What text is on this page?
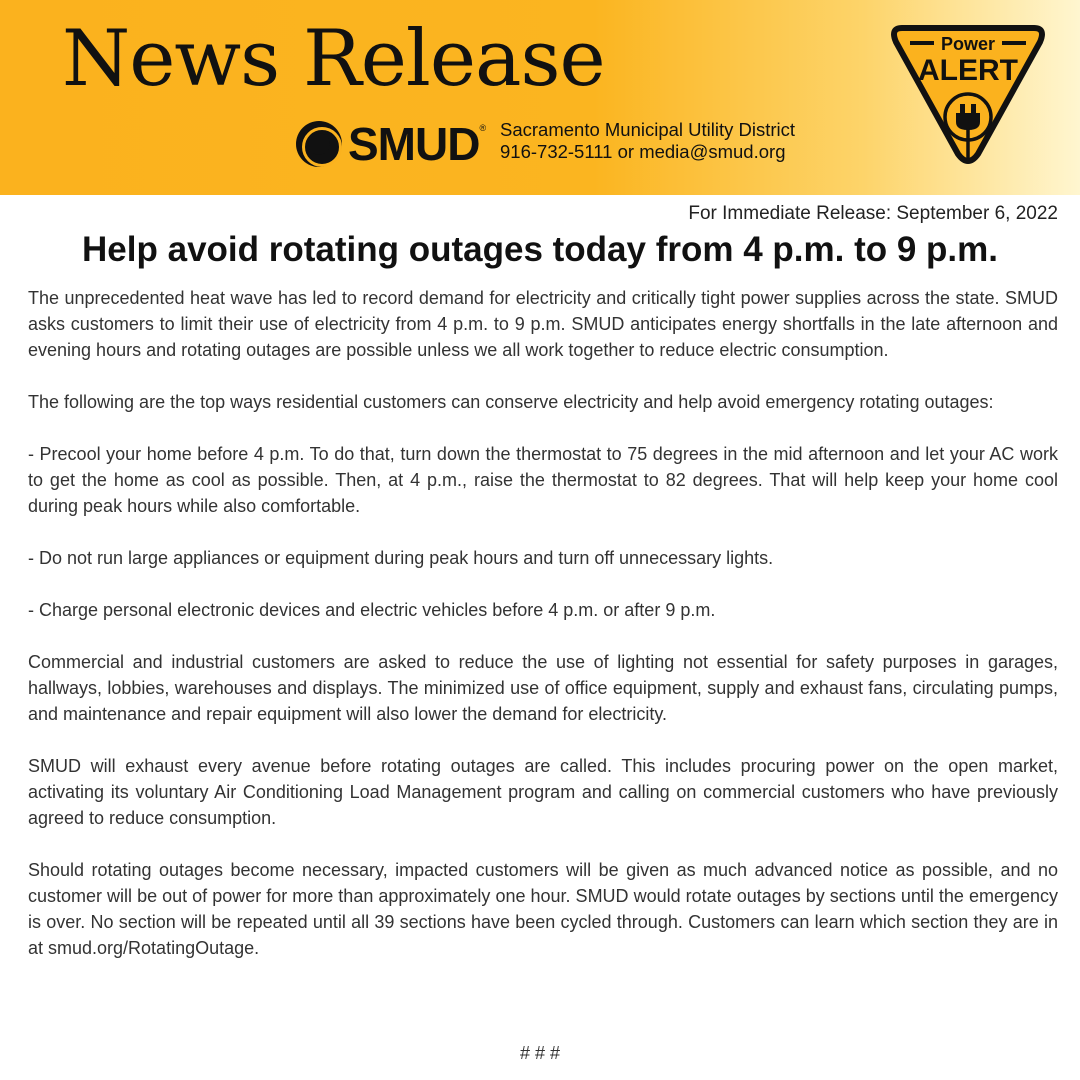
News Release
SMUD ® Sacramento Municipal Utility District
916-732-5111 or media@smud.org
Power
ALERT
For Immediate Release: September 6, 2022
Help avoid rotating outages today from 4 p.m. to 9 p.m.

The unprecedented heat wave has led to record demand for electricity and critically tight power supplies across the state. SMUD asks customers to limit their use of electricity from 4 p.m. to 9 p.m. SMUD anticipates energy shortfalls in the late afternoon and evening hours and rotating outages are possible unless we all work together to reduce electric consumption.

The following are the top ways residential customers can conserve electricity and help avoid emergency rotating outages:

- Precool your home before 4 p.m. To do that, turn down the thermostat to 75 degrees in the mid afternoon and let your AC work to get the home as cool as possible. Then, at 4 p.m., raise the thermostat to 82 degrees. That will help keep your home cool during peak hours while also comfortable.

- Do not run large appliances or equipment during peak hours and turn off unnecessary lights.

- Charge personal electronic devices and electric vehicles before 4 p.m. or after 9 p.m.

Commercial and industrial customers are asked to reduce the use of lighting not essential for safety purposes in garages, hallways, lobbies, warehouses and displays. The minimized use of office equipment, supply and exhaust fans, circulating pumps, and maintenance and repair equipment will also lower the demand for electricity.

SMUD will exhaust every avenue before rotating outages are called. This includes procuring power on the open market, activating its voluntary Air Conditioning Load Management program and calling on commercial customers who have previously agreed to reduce consumption.

Should rotating outages become necessary, impacted customers will be given as much advanced notice as possible, and no customer will be out of power for more than approximately one hour. SMUD would rotate outages by sections until the emergency is over. No section will be repeated until all 39 sections have been cycled through. Customers can learn which section they are in at smud.org/RotatingOutage.

# # #
